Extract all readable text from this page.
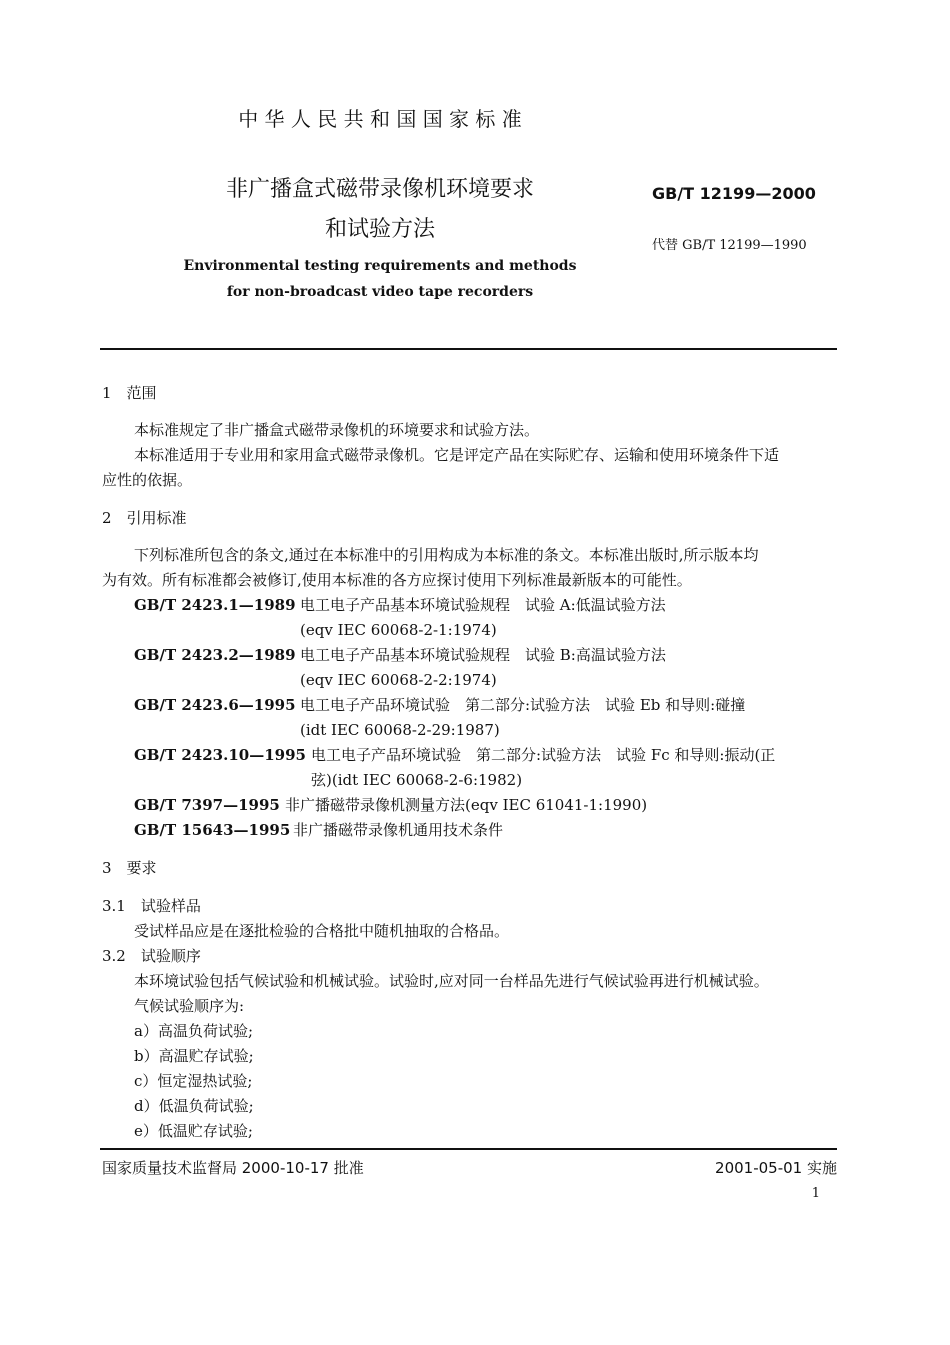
中 华 人 民 共 和 国 国 家 标 准
非广播盒式磁带录像机环境要求
和试验方法
GB/T 12199—2000
代替 GB/T 12199—1990
Environmental testing requirements and methods
for non-broadcast video tape recorders
1　范围
本标准规定了非广播盒式磁带录像机的环境要求和试验方法。
本标准适用于专业用和家用盒式磁带录像机。它是评定产品在实际贮存、运输和使用环境条件下适
应性的依据。
2　引用标准
下列标准所包含的条文,通过在本标准中的引用构成为本标准的条文。本标准出版时,所示版本均
为有效。所有标准都会被修订,使用本标准的各方应探讨使用下列标准最新版本的可能性。
GB/T 2423.1—1989 电工电子产品基本环境试验规程　试验 A:低温试验方法
(eqv IEC 60068-2-1:1974)
GB/T 2423.2—1989 电工电子产品基本环境试验规程　试验 B:高温试验方法
(eqv IEC 60068-2-2:1974)
GB/T 2423.6—1995 电工电子产品环境试验　第二部分:试验方法　试验 Eb 和导则:碰撞
(idt IEC 60068-2-29:1987)
GB/T 2423.10—1995 电工电子产品环境试验　第二部分:试验方法　试验 Fc 和导则:振动(正
弦)(idt IEC 60068-2-6:1982)
GB/T 7397—1995 非广播磁带录像机测量方法(eqv IEC 61041-1:1990)
GB/T 15643—1995 非广播磁带录像机通用技术条件
3　要求
3.1　试验样品
受试样品应是在逐批检验的合格批中随机抽取的合格品。
3.2　试验顺序
本环境试验包括气候试验和机械试验。试验时,应对同一台样品先进行气候试验再进行机械试验。
气候试验顺序为:
a）高温负荷试验;
b）高温贮存试验;
c）恒定湿热试验;
d）低温负荷试验;
e）低温贮存试验;
国家质量技术监督局 2000-10-17 批准	2001-05-01 实施
1
